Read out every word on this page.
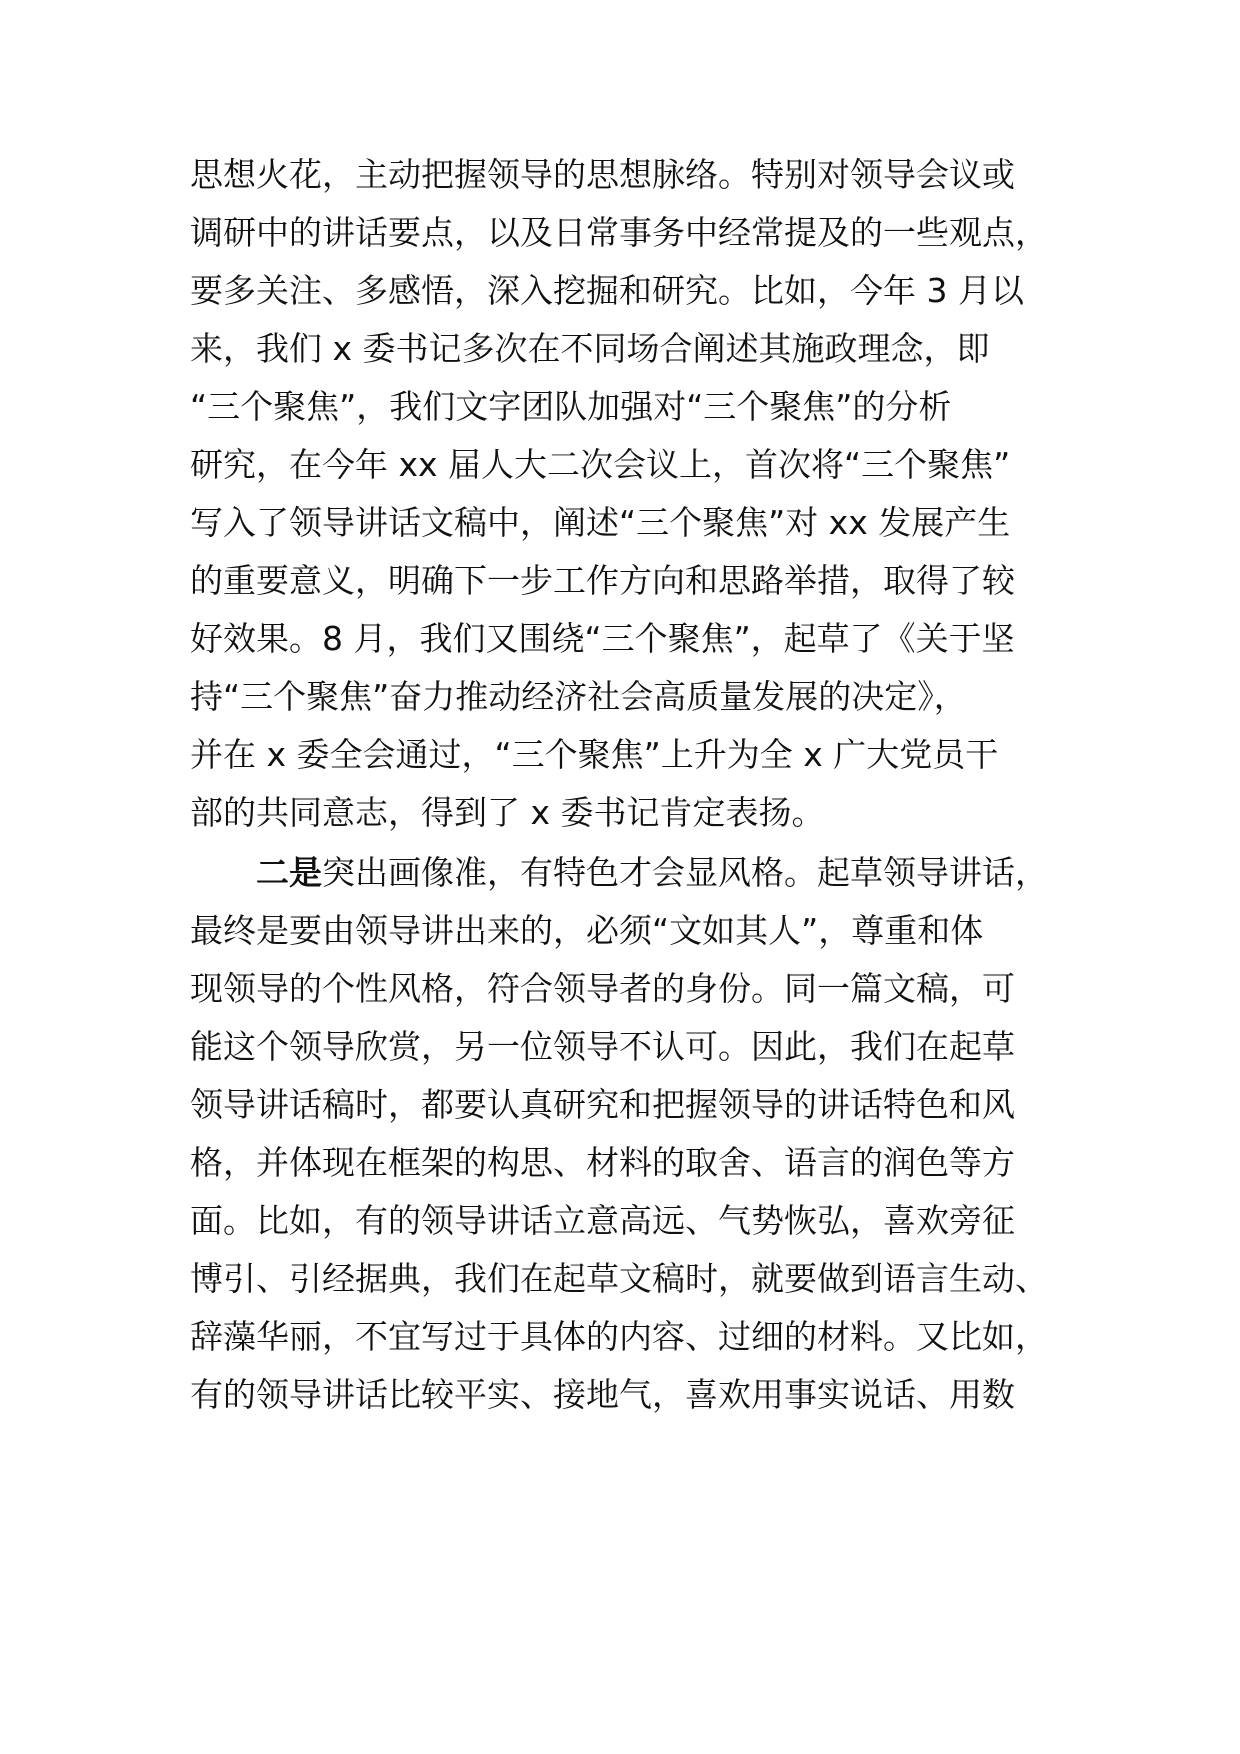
思想火花，主动把握领导的思想脉络。特别对领导会议或
调研中的讲话要点，以及日常事务中经常提及的一些观点，
要多关注、多感悟，深入挖掘和研究。比如，今年 3 月以
来，我们 x 委书记多次在不同场合阐述其施政理念，即
“三个聚焦”，我们文字团队加强对“三个聚焦”的分析
研究，在今年 xx 届人大二次会议上，首次将“三个聚焦”
写入了领导讲话文稿中，阐述“三个聚焦”对 xx 发展产生
的重要意义，明确下一步工作方向和思路举措，取得了较
好效果。8 月，我们又围绕“三个聚焦”，起草了《关于坚
持“三个聚焦”奋力推动经济社会高质量发展的决定》，
并在 x 委全会通过，“三个聚焦”上升为全 x 广大党员干
部的共同意志，得到了 x 委书记肯定表扬。
二是突出画像准，有特色才会显风格。起草领导讲话，
最终是要由领导讲出来的，必须“文如其人”，尊重和体
现领导的个性风格，符合领导者的身份。同一篇文稿，可
能这个领导欣赏，另一位领导不认可。因此，我们在起草
领导讲话稿时，都要认真研究和把握领导的讲话特色和风
格，并体现在框架的构思、材料的取舍、语言的润色等方
面。比如，有的领导讲话立意高远、气势恢弘，喜欢旁征
博引、引经据典，我们在起草文稿时，就要做到语言生动、
辞藻华丽，不宜写过于具体的内容、过细的材料。又比如，
有的领导讲话比较平实、接地气，喜欢用事实说话、用数
